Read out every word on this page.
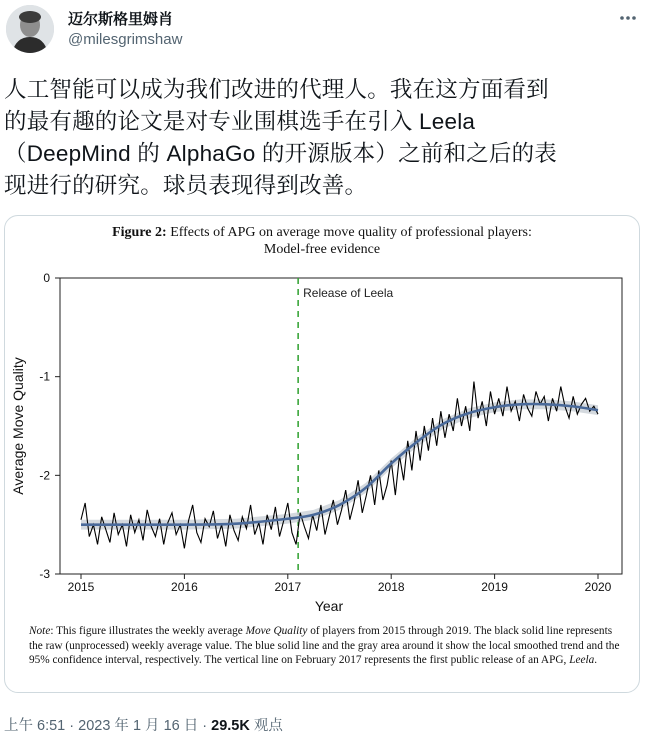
迈尔斯格里姆肖
@milesgrimshaw
人工智能可以成为我们改进的代理人。我在这方面看到
的最有趣的论文是对专业围棋选手在引入 Leela
（DeepMind 的 AlphaGo 的开源版本）之前和之后的表
现进行的研究。球员表现得到改善。
Figure 2: Effects of APG on average move quality of professional players:
Model-free evidence
0
-1
-2
-3
2015	2016	2017	2018	2019	2020
Year
Average Move Quality
Release of Leela
Note: This figure illustrates the weekly average Move Quality of players from 2015 through 2019. The black solid line represents the raw (unprocessed) weekly average value. The blue solid line and the gray area around it show the local smoothed trend and the 95% confidence interval, respectively. The vertical line on February 2017 represents the first public release of an APG, Leela.
上午 6:51 · 2023 年 1 月 16 日 · 29.5K 观点
